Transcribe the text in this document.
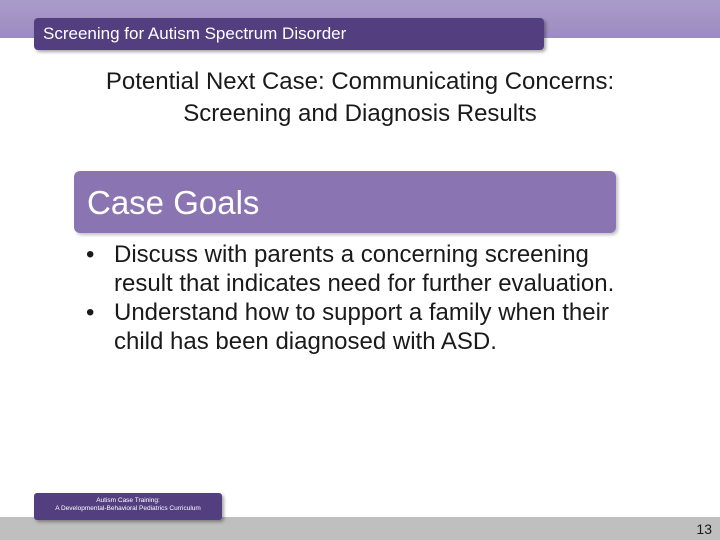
Screening for Autism Spectrum Disorder
Potential Next Case: Communicating Concerns:
Screening and Diagnosis Results
Case Goals
• Discuss with parents a concerning screening result that indicates need for further evaluation.
• Understand how to support a family when their child has been diagnosed with ASD.
Autism Case Training:
A Developmental-Behavioral Pediatrics Curriculum
13
